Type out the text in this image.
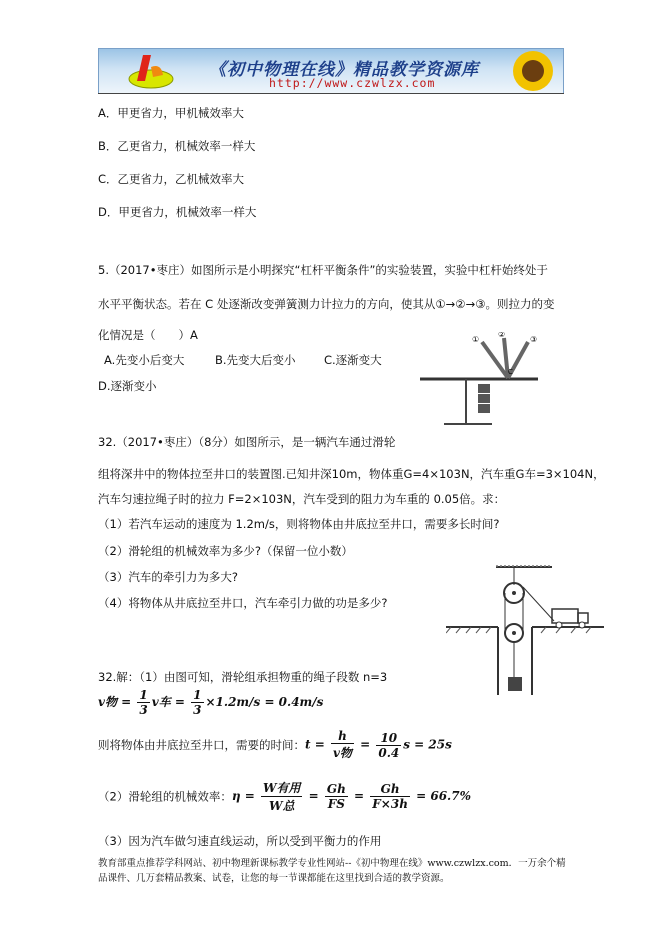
《初中物理在线》精品教学资源库
http://www.czwlzx.com
A．甲更省力，甲机械效率大
B．乙更省力，机械效率一样大
C．乙更省力，乙机械效率大
D．甲更省力，机械效率一样大
5.（2017•枣庄）如图所示是小明探究“杠杆平衡条件”的实验装置，实验中杠杆始终处于
水平平衡状态。若在 C 处逐渐改变弹簧测力计拉力的方向，使其从①→②→③。则拉力的变
化情况是（　　）A
A.先变小后变大	B.先变大后变小 C.逐渐变大
D.逐渐变小
①
②
③
C
32.（2017•枣庄）（8分）如图所示，是一辆汽车通过滑轮
组将深井中的物体拉至井口的装置图.已知井深10m，物体重G=4×103N，汽车重G车=3×104N，
汽车匀速拉绳子时的拉力 F=2×103N，汽车受到的阻力为车重的 0.05倍。求：
（1）若汽车运动的速度为 1.2m/s，则将物体由井底拉至井口，需要多长时间?
（2）滑轮组的机械效率为多少?（保留一位小数）
（3）汽车的牵引力为多大?
（4）将物体从井底拉至井口，汽车牵引力做的功是多少?
32.解：（1）由图可知，滑轮组承担物重的绳子段数 n=3
v物 = $\frac{1}{3}$ v车 = $\frac{1}{3} \times 1.2m/s = 0.4m/s$
则将物体由井底拉至井口，需要的时间：$t = \frac{h}{\text{v物}} = \frac{10}{0.4}$ s = 25s
（2）滑轮组的机械效率：$\eta = \frac{\text{W有用}}{\text{W总}} = \frac{Gh}{FS} = \frac{Gh}{F\times 3h} = 66.7\%$
（3）因为汽车做匀速直线运动，所以受到平衡力的作用
教育部重点推荐学科网站、初中物理新课标教学专业性网站--《初中物理在线》www.czwlzx.com．一万余个精品课件、几万套精品教案、试卷，让您的每一节课都能在这里找到合适的教学资源。
